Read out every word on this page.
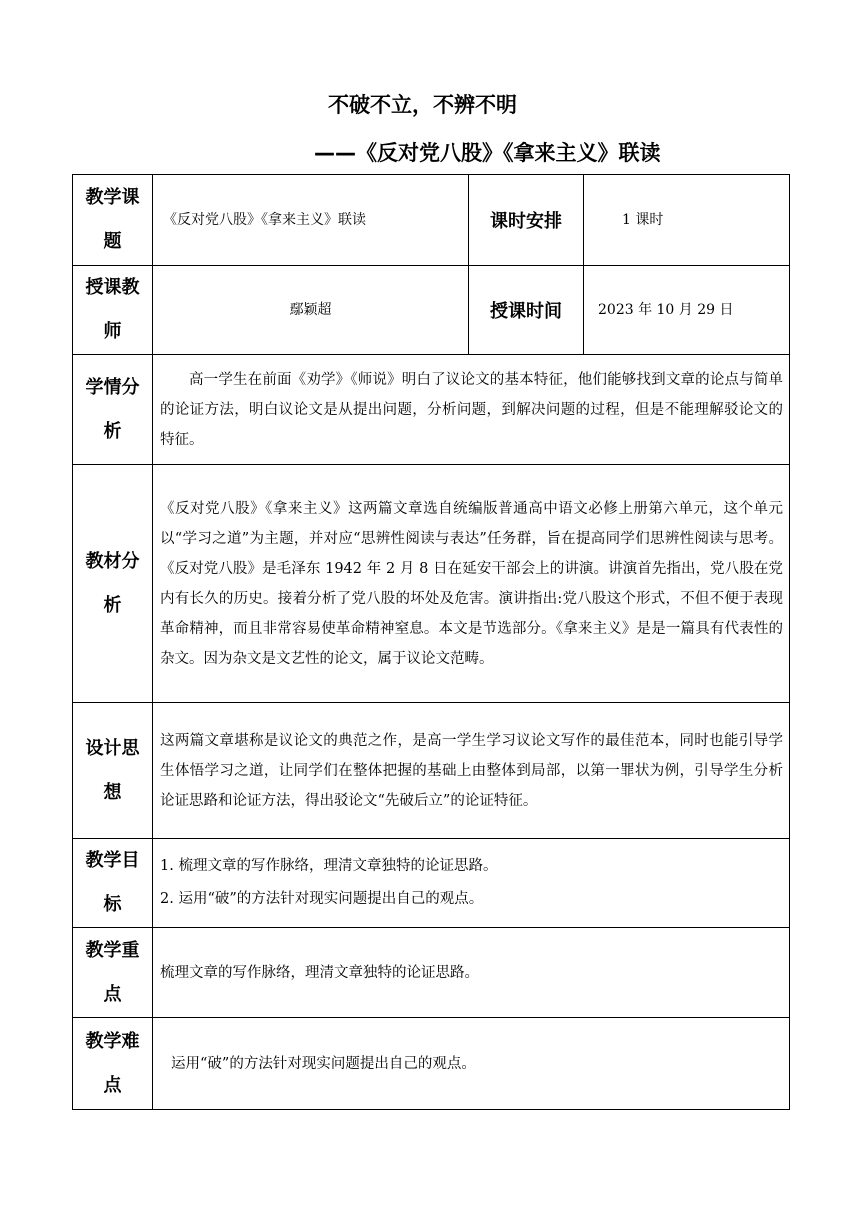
不破不立，不辨不明
——《反对党八股》《拿来主义》联读
教学课题	《反对党八股》《拿来主义》联读	课时安排	1 课时
授课教师	鄢颖超	授课时间	2023 年 10 月 29 日
学情分析	高一学生在前面《劝学》《师说》明白了议论文的基本特征，他们能够找到文章的论点与简单的论证方法，明白议论文是从提出问题，分析问题，到解决问题的过程，但是不能理解驳论文的特征。		
教材分析	《反对党八股》《拿来主义》这两篇文章选自统编版普通高中语文必修上册第六单元，这个单元以“学习之道”为主题，并对应“思辨性阅读与表达”任务群，旨在提高同学们思辨性阅读与思考。《反对党八股》是毛泽东 1942 年 2 月 8 日在延安干部会上的讲演。讲演首先指出，党八股在党内有长久的历史。接着分析了党八股的坏处及危害。演讲指出:党八股这个形式，不但不便于表现革命精神，而且非常容易使革命精神窒息。本文是节选部分。《拿来主义》是是一篇具有代表性的杂文。因为杂文是文艺性的论文，属于议论文范畴。		
设计思想	这两篇文章堪称是议论文的典范之作，是高一学生学习议论文写作的最佳范本，同时也能引导学生体悟学习之道，让同学们在整体把握的基础上由整体到局部，以第一罪状为例，引导学生分析论证思路和论证方法，得出驳论文“先破后立”的论证特征。		
教学目标	1. 梳理文章的写作脉络，理清文章独特的论证思路。
2. 运用“破”的方法针对现实问题提出自己的观点。		

教学重点	梳理文章的写作脉络，理清文章独特的论证思路。		
教学难点	运用“破”的方法针对现实问题提出自己的观点。		
